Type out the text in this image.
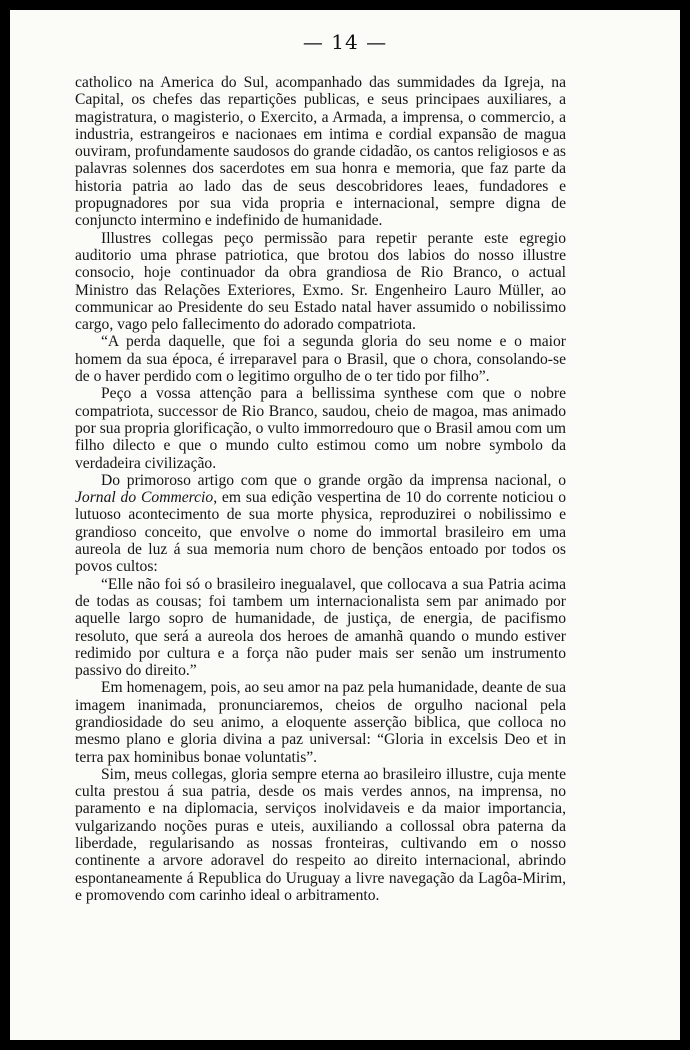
— 14 —

catholico na America do Sul, acompanhado das summidades da Igreja, na Capital, os chefes das repartições publicas, e seus principaes auxiliares, a magistratura, o magisterio, o Exercito, a Armada, a imprensa, o commercio, a industria, estrangeiros e nacionaes em intima e cordial expansão de magua ouviram, profundamente saudosos do grande cidadão, os cantos religiosos e as palavras solennes dos sacerdotes em sua honra e memoria, que faz parte da historia patria ao lado das de seus descobridores leaes, fundadores e propugnadores por sua vida propria e internacional, sempre digna de conjuncto intermino e indefinido de humanidade.

Illustres collegas peço permissão para repetir perante este egregio auditorio uma phrase patriotica, que brotou dos labios do nosso illustre consocio, hoje continuador da obra grandiosa de Rio Branco, o actual Ministro das Relações Exteriores, Exmo. Sr. Engenheiro Lauro Müller, ao communicar ao Presidente do seu Estado natal haver assumido o nobilissimo cargo, vago pelo fallecimento do adorado compatriota.

“A perda daquelle, que foi a segunda gloria do seu nome e o maior homem da sua época, é irreparavel para o Brasil, que o chora, consolando-se de o haver perdido com o legitimo orgulho de o ter tido por filho”.

Peço a vossa attenção para a bellissima synthese com que o nobre compatriota, successor de Rio Branco, saudou, cheio de magoa, mas animado por sua propria glorificação, o vulto immorredouro que o Brasil amou com um filho dilecto e que o mundo culto estimou como um nobre symbolo da verdadeira civilização.

Do primoroso artigo com que o grande orgão da imprensa nacional, o Jornal do Commercio, em sua edição vespertina de 10 do corrente noticiou o lutuoso acontecimento de sua morte physica, reproduzirei o nobilissimo e grandioso conceito, que envolve o nome do immortal brasileiro em uma aureola de luz á sua memoria num choro de bençãos entoado por todos os povos cultos:

“Elle não foi só o brasileiro inegualavel, que collocava a sua Patria acima de todas as cousas; foi tambem um internacionalista sem par animado por aquelle largo sopro de humanidade, de justiça, de energia, de pacifismo resoluto, que será a aureola dos heroes de amanhã quando o mundo estiver redimido por cultura e a força não puder mais ser senão um instrumento passivo do direito.”

Em homenagem, pois, ao seu amor na paz pela humanidade, deante de sua imagem inanimada, pronunciaremos, cheios de orgulho nacional pela grandiosidade do seu animo, a eloquente asserção biblica, que colloca no mesmo plano e gloria divina a paz universal: “Gloria in excelsis Deo et in terra pax hominibus bonae voluntatis”.

Sim, meus collegas, gloria sempre eterna ao brasileiro illustre, cuja mente culta prestou á sua patria, desde os mais verdes annos, na imprensa, no paramento e na diplomacia, serviços inolvidaveis e da maior importancia, vulgarizando noções puras e uteis, auxiliando a collossal obra paterna da liberdade, regularisando as nossas fronteiras, cultivando em o nosso continente a arvore adoravel do respeito ao direito internacional, abrindo espontaneamente á Republica do Uruguay a livre navegação da Lagôa-Mirim, e promovendo com carinho ideal o arbitramento.
